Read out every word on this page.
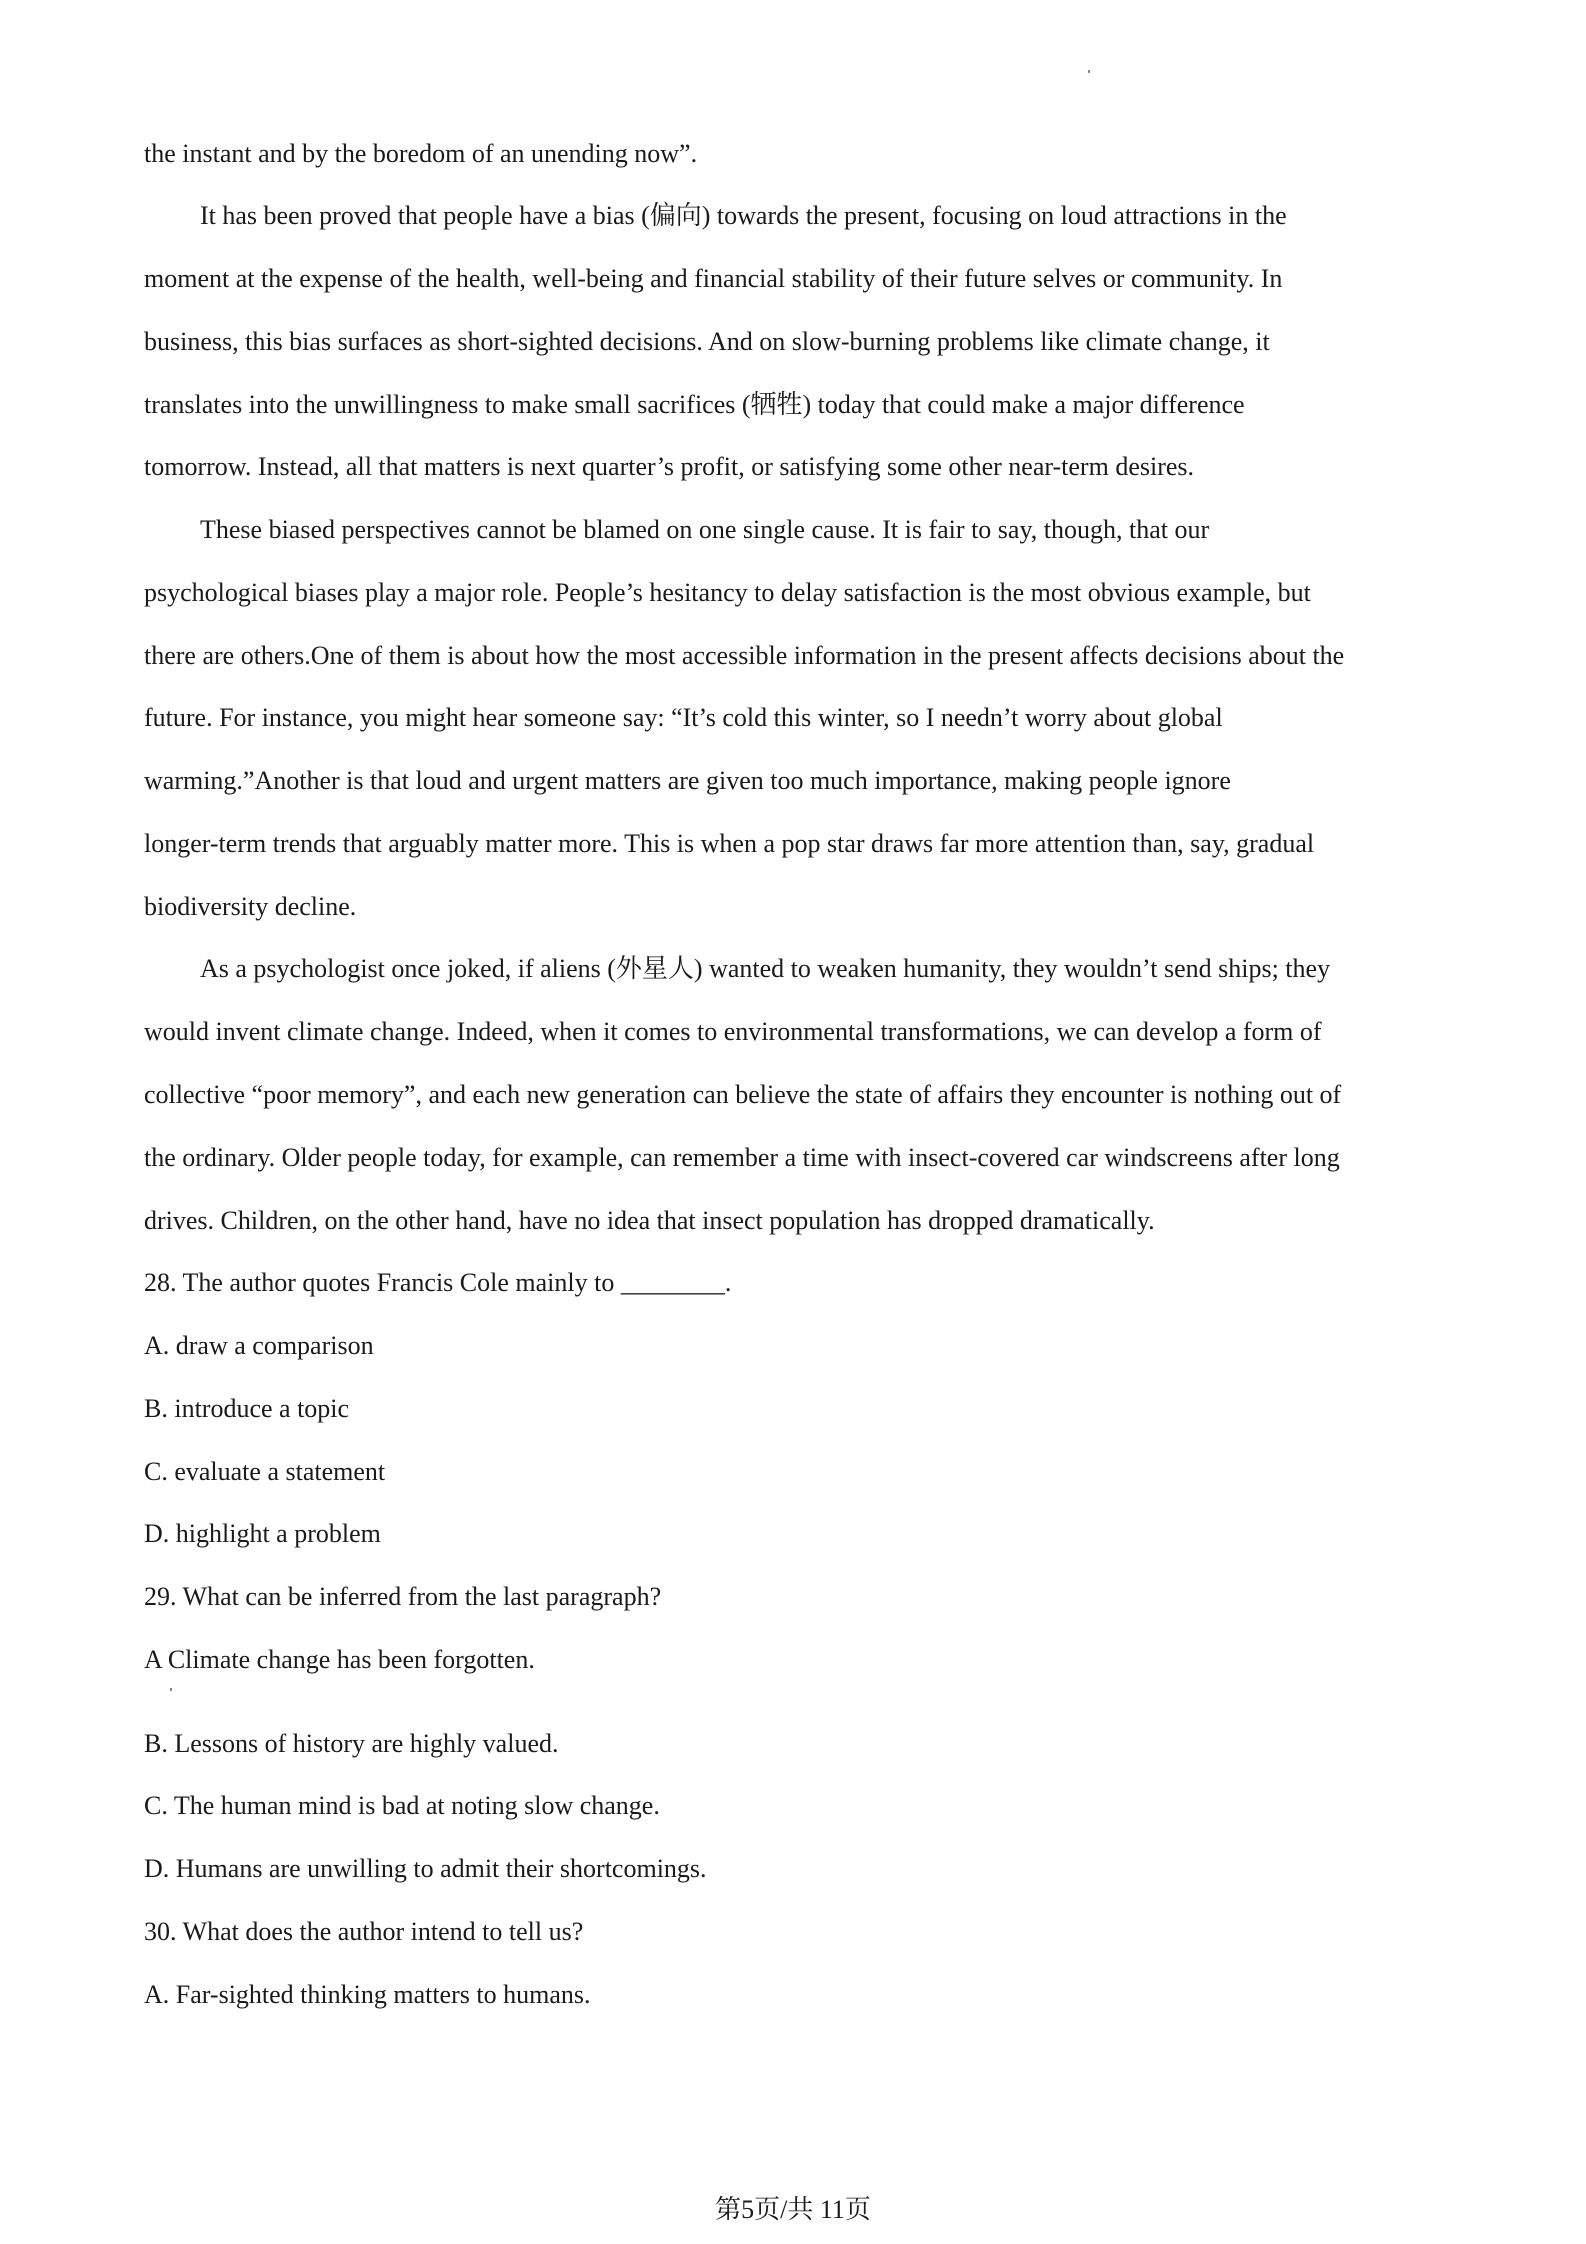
the instant and by the boredom of an unending now”.
It has been proved that people have a bias (偏向) towards the present, focusing on loud attractions in the
moment at the expense of the health, well-being and financial stability of their future selves or community. In
business, this bias surfaces as short-sighted decisions. And on slow-burning problems like climate change, it
translates into the unwillingness to make small sacrifices (牺牲) today that could make a major difference
tomorrow. Instead, all that matters is next quarter’s profit, or satisfying some other near-term desires.
These biased perspectives cannot be blamed on one single cause. It is fair to say, though, that our
psychological biases play a major role. People’s hesitancy to delay satisfaction is the most obvious example, but
there are others.One of them is about how the most accessible information in the present affects decisions about the
future. For instance, you might hear someone say: “It’s cold this winter, so I needn’t worry about global
warming.”Another is that loud and urgent matters are given too much importance, making people ignore
longer-term trends that arguably matter more. This is when a pop star draws far more attention than, say, gradual
biodiversity decline.
As a psychologist once joked, if aliens (外星人) wanted to weaken humanity, they wouldn’t send ships; they
would invent climate change. Indeed, when it comes to environmental transformations, we can develop a form of
collective “poor memory”, and each new generation can believe the state of affairs they encounter is nothing out of
the ordinary. Older people today, for example, can remember a time with insect-covered car windscreens after long
drives. Children, on the other hand, have no idea that insect population has dropped dramatically.
28. The author quotes Francis Cole mainly to ________.
A. draw a comparison
B. introduce a topic
C. evaluate a statement
D. highlight a problem
29. What can be inferred from the last paragraph?
A Climate change has been forgotten.
B. Lessons of history are highly valued.
C. The human mind is bad at noting slow change.
D. Humans are unwilling to admit their shortcomings.
30. What does the author intend to tell us?
A. Far-sighted thinking matters to humans.
第5页/共 11页
